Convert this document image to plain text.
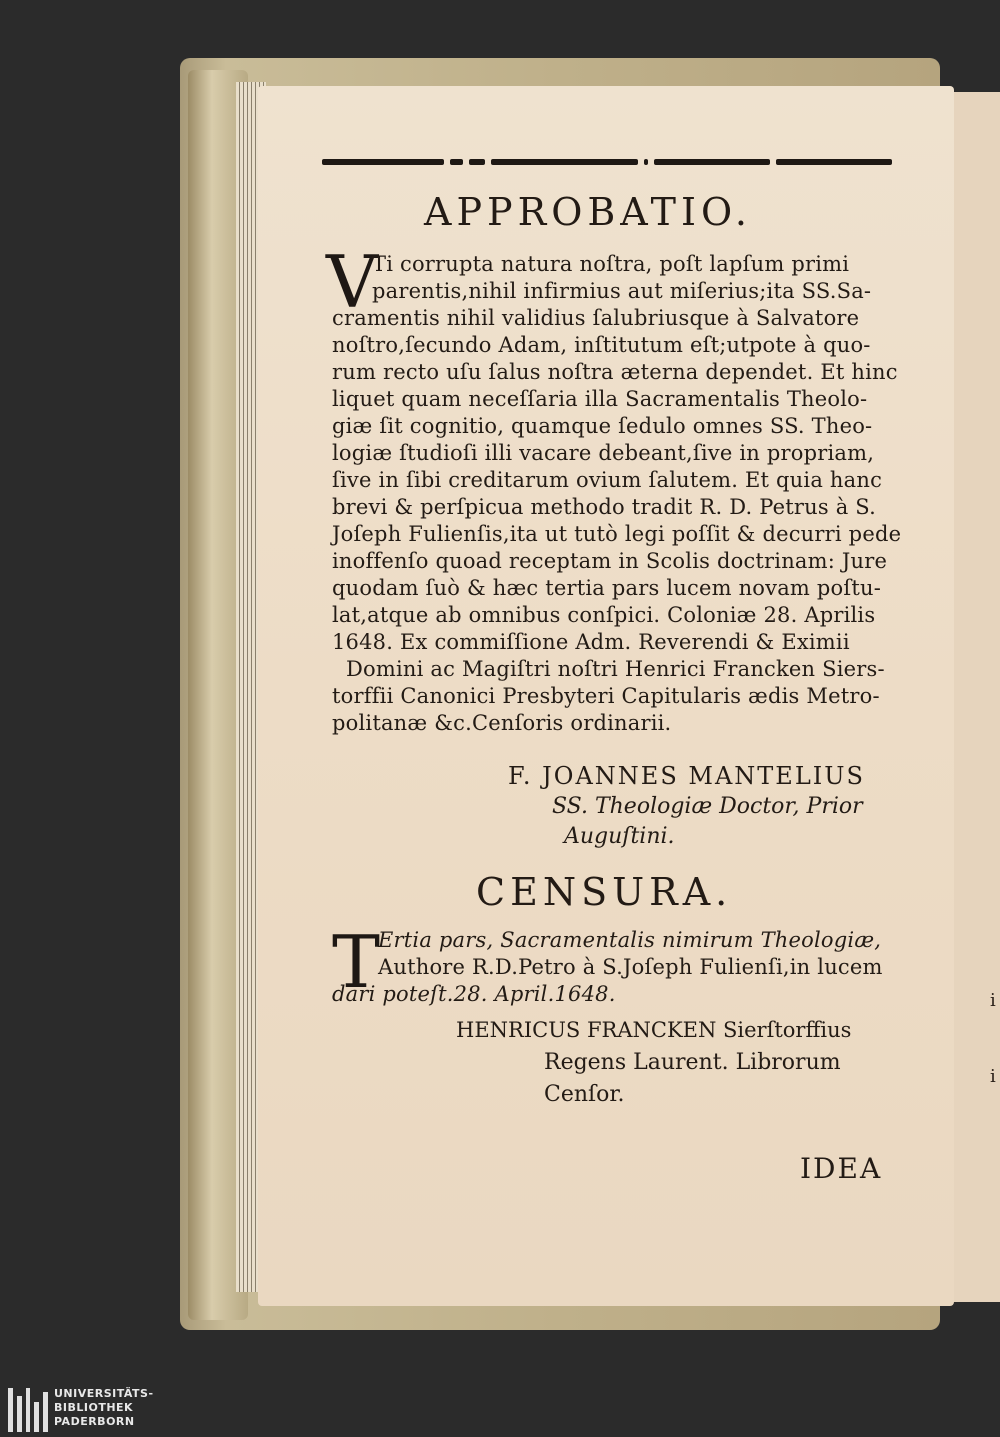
i
i
APPROBATIO.
V
Ti corrupta natura noſtra, poſt lapſum primi
parentis,nihil infirmius aut miſerius;ita SS.Sa-
cramentis nihil validius ſalubriusque à Salvatore
noſtro,ſecundo Adam, inſtitutum eſt;utpote à quo-
rum recto uſu ſalus noſtra æterna dependet. Et hinc
liquet quam neceſſaria illa Sacramentalis Theolo-
giæ ſit cognitio, quamque ſedulo omnes SS. Theo-
logiæ ſtudioſi illi vacare debeant,ſive in propriam,
ſive in ſibi creditarum ovium ſalutem. Et quia hanc
brevi & perſpicua methodo tradit R. D. Petrus à S.
Joſeph Fulienſis,ita ut tutò legi poſſit & decurri pede
inoffenſo quoad receptam in Scolis doctrinam: Jure
quodam ſuò & hæc tertia pars lucem novam poſtu-
lat,atque ab omnibus conſpici. Coloniæ 28. Aprilis
1648. Ex commiſſione Adm. Reverendi & Eximii
Domini ac Magiſtri noſtri Henrici Francken Siers-
torffii Canonici Presbyteri Capitularis ædis Metro-
politanæ &c.Cenſoris ordinarii.
F. JOANNES MANTELIUS
SS. Theologiæ Doctor, Prior
Auguſtini.
CENSURA.
T
Ertia pars, Sacramentalis nimirum Theologiæ,
Authore R.D.Petro à S.Joſeph Fulienſi,in lucem
dari poteſt.28. April.1648.
HENRICUS FRANCKEN Sierſtorffius
Regens Laurent. Librorum
Cenſor.
IDEA
UNIVERSITÄTS-
BIBLIOTHEK
PADERBORN
